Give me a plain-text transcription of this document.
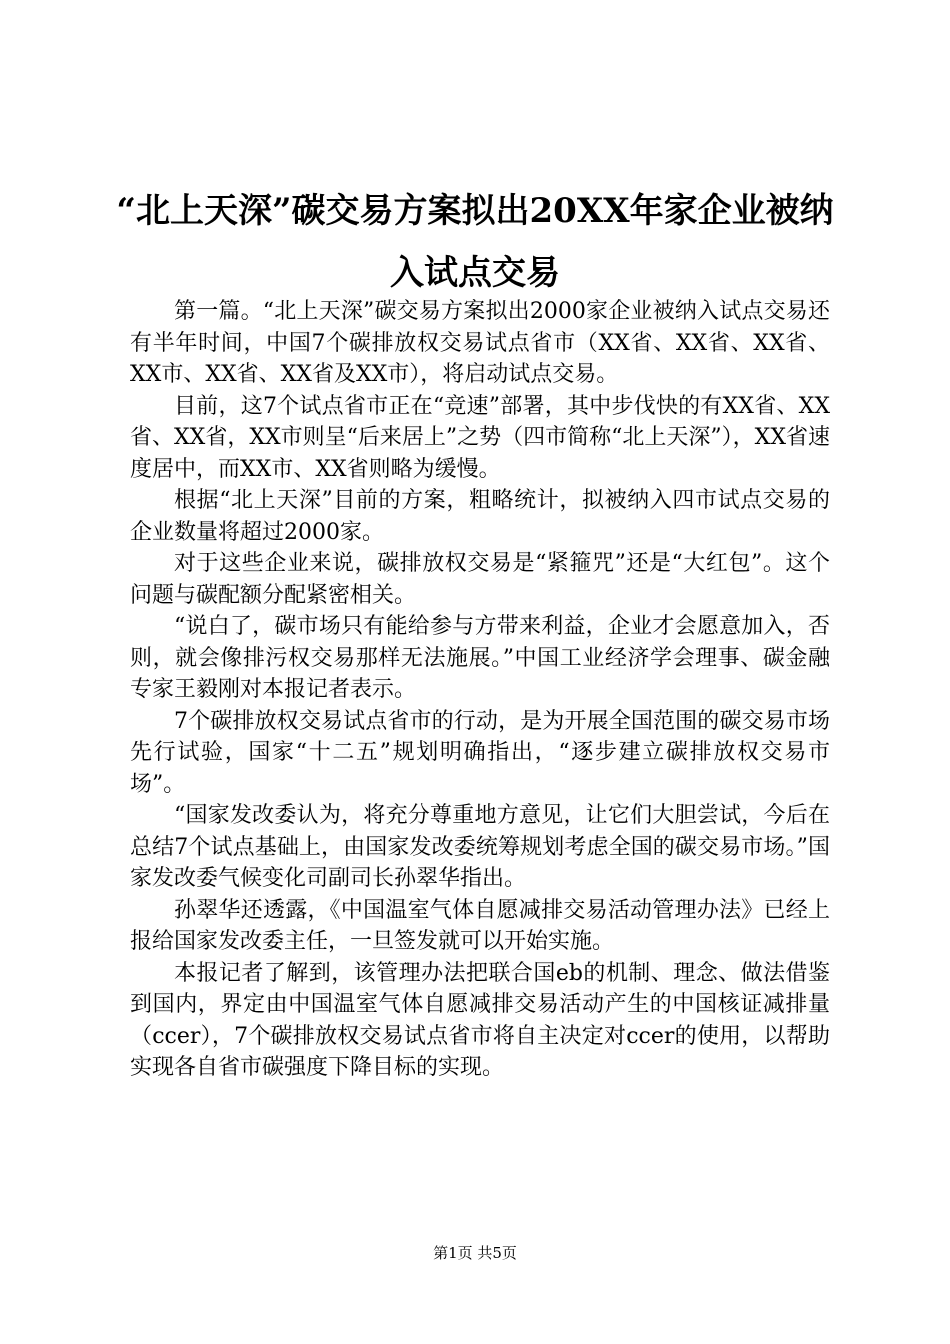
“北上天深”碳交易方案拟出20XX年家企业被纳入试点交易

第一篇。“北上天深”碳交易方案拟出2000家企业被纳入试点交易还有半年时间，中国7个碳排放权交易试点省市（XX省、XX省、XX省、XX市、XX省、XX省及XX市），将启动试点交易。

目前，这7个试点省市正在“竞速”部署，其中步伐快的有XX省、XX省、XX省，XX市则呈“后来居上”之势（四市简称“北上天深”），XX省速度居中，而XX市、XX省则略为缓慢。

根据“北上天深”目前的方案，粗略统计，拟被纳入四市试点交易的企业数量将超过2000家。

对于这些企业来说，碳排放权交易是“紧箍咒”还是“大红包”。这个问题与碳配额分配紧密相关。

“说白了，碳市场只有能给参与方带来利益，企业才会愿意加入，否则，就会像排污权交易那样无法施展。”中国工业经济学会理事、碳金融专家王毅刚对本报记者表示。

7个碳排放权交易试点省市的行动，是为开展全国范围的碳交易市场先行试验，国家“十二五”规划明确指出，“逐步建立碳排放权交易市场”。

“国家发改委认为，将充分尊重地方意见，让它们大胆尝试，今后在总结7个试点基础上，由国家发改委统筹规划考虑全国的碳交易市场。”国家发改委气候变化司副司长孙翠华指出。

孙翠华还透露，《中国温室气体自愿减排交易活动管理办法》已经上报给国家发改委主任，一旦签发就可以开始实施。

本报记者了解到，该管理办法把联合国eb的机制、理念、做法借鉴到国内，界定由中国温室气体自愿减排交易活动产生的中国核证减排量（ccer），7个碳排放权交易试点省市将自主决定对ccer的使用，以帮助实现各自省市碳强度下降目标的实现。

第1页 共5页
